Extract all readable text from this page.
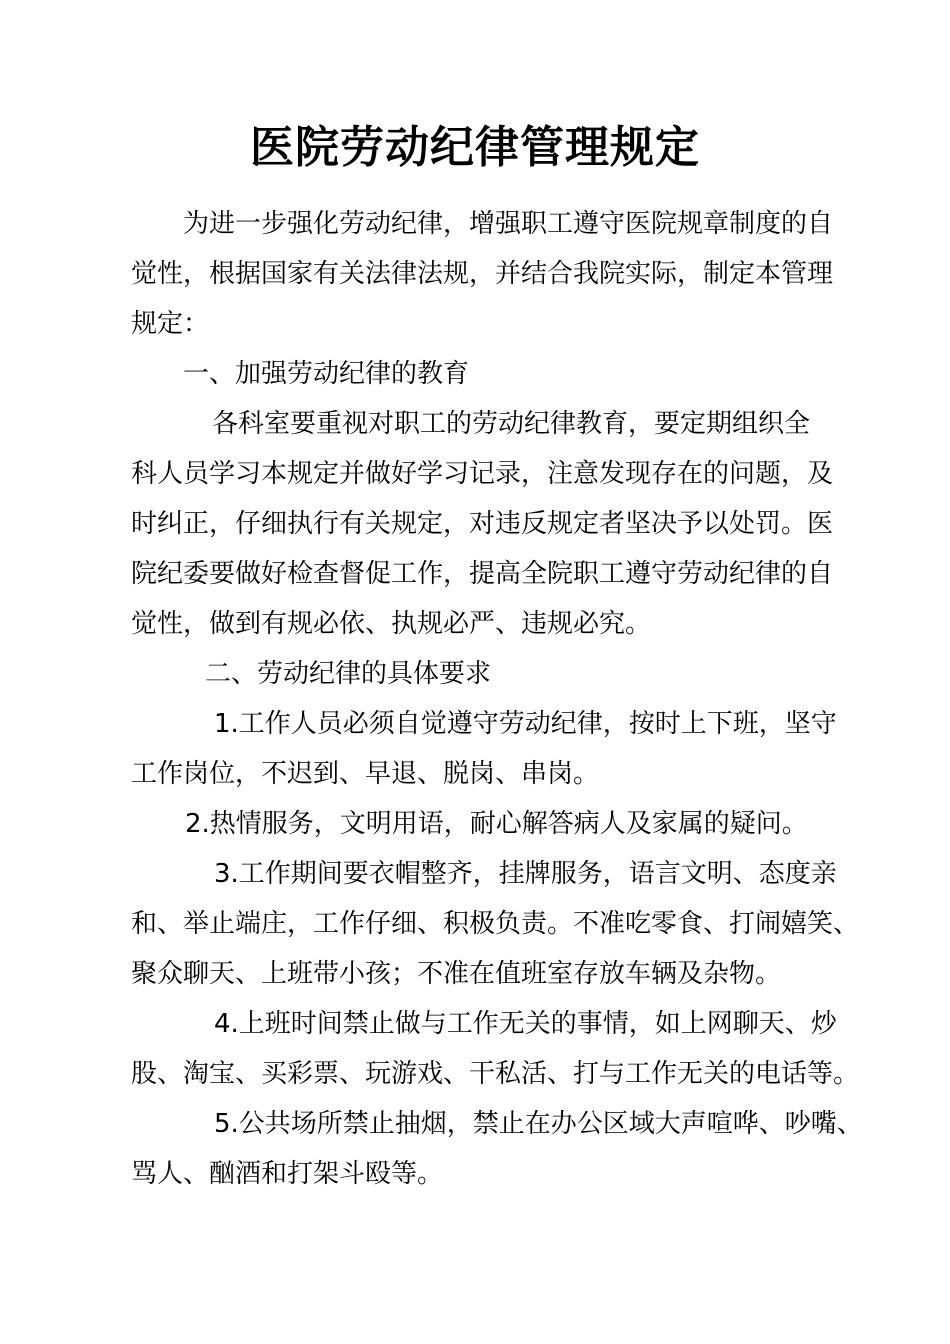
医院劳动纪律管理规定
为进一步强化劳动纪律，增强职工遵守医院规章制度的自
觉性，根据国家有关法律法规，并结合我院实际，制定本管理
规定：
一、加强劳动纪律的教育
各科室要重视对职工的劳动纪律教育，要定期组织全
科人员学习本规定并做好学习记录，注意发现存在的问题，及
时纠正，仔细执行有关规定，对违反规定者坚决予以处罚。医
院纪委要做好检查督促工作，提高全院职工遵守劳动纪律的自
觉性，做到有规必依、执规必严、违规必究。
二、劳动纪律的具体要求
1.工作人员必须自觉遵守劳动纪律，按时上下班，坚守
工作岗位，不迟到、早退、脱岗、串岗。
2.热情服务，文明用语，耐心解答病人及家属的疑问。
3.工作期间要衣帽整齐，挂牌服务，语言文明、态度亲
和、举止端庄，工作仔细、积极负责。不准吃零食、打闹嬉笑、
聚众聊天、上班带小孩；不准在值班室存放车辆及杂物。
4.上班时间禁止做与工作无关的事情，如上网聊天、炒
股、淘宝、买彩票、玩游戏、干私活、打与工作无关的电话等。
5.公共场所禁止抽烟，禁止在办公区域大声喧哗、吵嘴、
骂人、酗酒和打架斗殴等。
